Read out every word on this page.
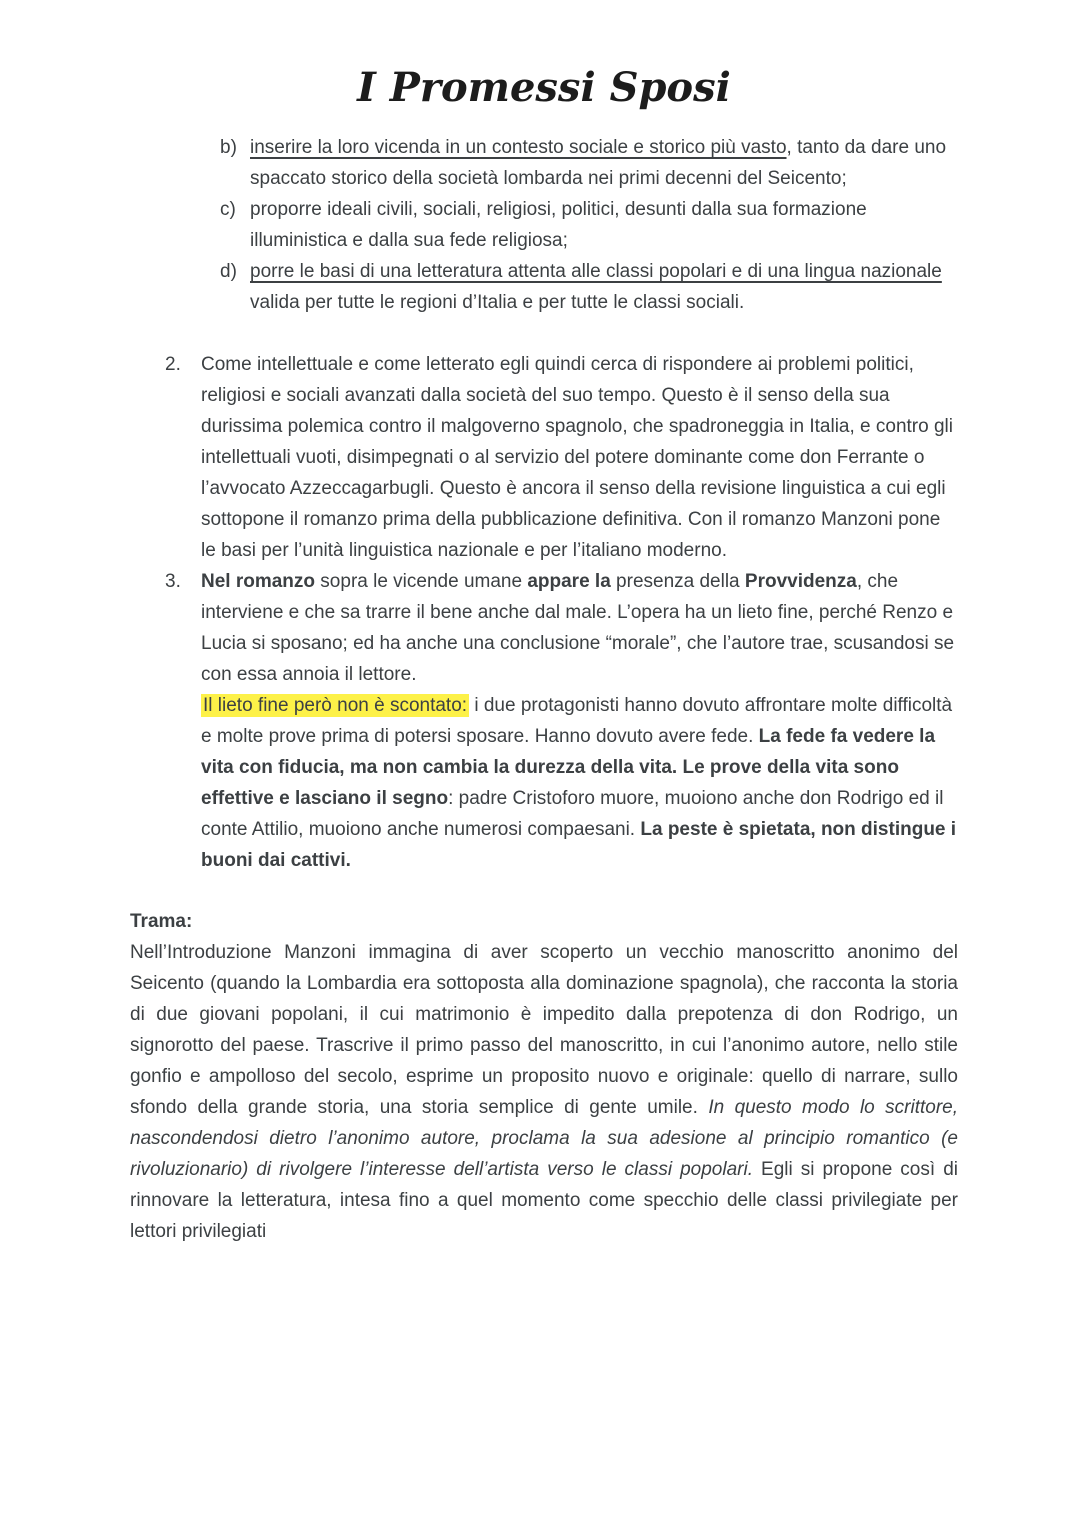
I Promessi Sposi
b) inserire la loro vicenda in un contesto sociale e storico più vasto, tanto da dare uno spaccato storico della società lombarda nei primi decenni del Seicento;
c) proporre ideali civili, sociali, religiosi, politici, desunti dalla sua formazione illuministica e dalla sua fede religiosa;
d) porre le basi di una letteratura attenta alle classi popolari e di una lingua nazionale valida per tutte le regioni d’Italia e per tutte le classi sociali.
2.	Come intellettuale e come letterato egli quindi cerca di rispondere ai problemi politici, religiosi e sociali avanzati dalla società del suo tempo. Questo è il senso della sua durissima polemica contro il malgoverno spagnolo, che spadroneggia in Italia, e contro gli intellettuali vuoti, disimpegnati o al servizio del potere dominante come don Ferrante o l’avvocato Azzeccagarbugli. Questo è ancora il senso della revisione linguistica a cui egli sottopone il romanzo prima della pubblicazione definitiva. Con il romanzo Manzoni pone le basi per l’unità linguistica nazionale e per l’italiano moderno.
3.	Nel romanzo sopra le vicende umane appare la presenza della Provvidenza, che interviene e che sa trarre il bene anche dal male. L’opera ha un lieto fine, perché Renzo e Lucia si sposano; ed ha anche una conclusione “morale”, che l’autore trae, scusandosi se con essa annoia il lettore.
Il lieto fine però non è scontato: i due protagonisti hanno dovuto affrontare molte difficoltà e molte prove prima di potersi sposare. Hanno dovuto avere fede. La fede fa vedere la vita con fiducia, ma non cambia la durezza della vita. Le prove della vita sono effettive e lasciano il segno: padre Cristoforo muore, muoiono anche don Rodrigo ed il conte Attilio, muoiono anche numerosi compaesani. La peste è spietata, non distingue i buoni dai cattivi.

Trama:

Nell’Introduzione Manzoni immagina di aver scoperto un vecchio manoscritto anonimo del Seicento (quando la Lombardia era sottoposta alla dominazione spagnola), che racconta la storia di due giovani popolani, il cui matrimonio è impedito dalla prepotenza di don Rodrigo, un signorotto del paese. Trascrive il primo passo del manoscritto, in cui l’anonimo autore, nello stile gonfio e ampolloso del secolo, esprime un proposito nuovo e originale: quello di narrare, sullo sfondo della grande storia, una storia semplice di gente umile. In questo modo lo scrittore, nascondendosi dietro l’anonimo autore, proclama la sua adesione al principio romantico (e rivoluzionario) di rivolgere l’interesse dell’artista verso le classi popolari. Egli si propone così di rinnovare la letteratura, intesa fino a quel momento come specchio delle classi privilegiate per lettori privilegiati
